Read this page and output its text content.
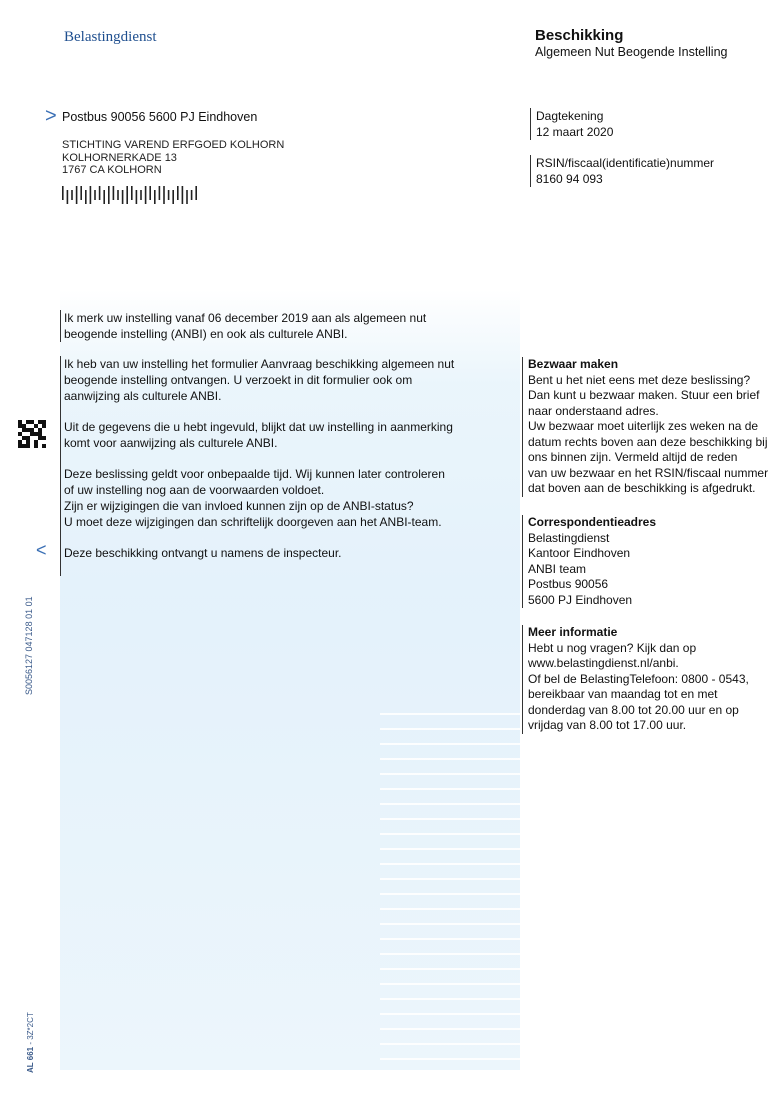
Belastingdienst	Beschikking
Algemeen Nut Beogende Instelling
> Postbus 90056 5600 PJ Eindhoven
STICHTING VAREND ERFGOED KOLHORN
KOLHORNERKADE 13
1767 CA KOLHORN
Dagtekening
12 maart 2020
RSIN/fiscaal(identificatie)nummer
8160 94 093
Ik merk uw instelling vanaf 06 december 2019 aan als algemeen nut
beogende instelling (ANBI) en ook als culturele ANBI.

Ik heb van uw instelling het formulier Aanvraag beschikking algemeen nut
beogende instelling ontvangen. U verzoekt in dit formulier ook om
aanwijzing als culturele ANBI.

Uit de gegevens die u hebt ingevuld, blijkt dat uw instelling in aanmerking
komt voor aanwijzing als culturele ANBI.

Deze beslissing geldt voor onbepaalde tijd. Wij kunnen later controleren
of uw instelling nog aan de voorwaarden voldoet.
Zijn er wijzigingen die van invloed kunnen zijn op de ANBI-status?
U moet deze wijzigingen dan schriftelijk doorgeven aan het ANBI-team.

Deze beschikking ontvangt u namens de inspecteur.

Bezwaar maken
Bent u het niet eens met deze beslissing?
Dan kunt u bezwaar maken. Stuur een brief
naar onderstaand adres.
Uw bezwaar moet uiterlijk zes weken na de
datum rechts boven aan deze beschikking bij
ons binnen zijn. Vermeld altijd de reden
van uw bezwaar en het RSIN/fiscaal nummer
dat boven aan de beschikking is afgedrukt.
Correspondentieadres
Belastingdienst
Kantoor Eindhoven
ANBI team
Postbus 90056
5600 PJ Eindhoven
Meer informatie
Hebt u nog vragen? Kijk dan op
www.belastingdienst.nl/anbi.
Of bel de BelastingTelefoon: 0800 - 0543,
bereikbaar van maandag tot en met
donderdag van 8.00 tot 20.00 uur en op
vrijdag van 8.00 tot 17.00 uur.
<
S0056127 047128 01 01
AL 661 - 3Z*2CT
